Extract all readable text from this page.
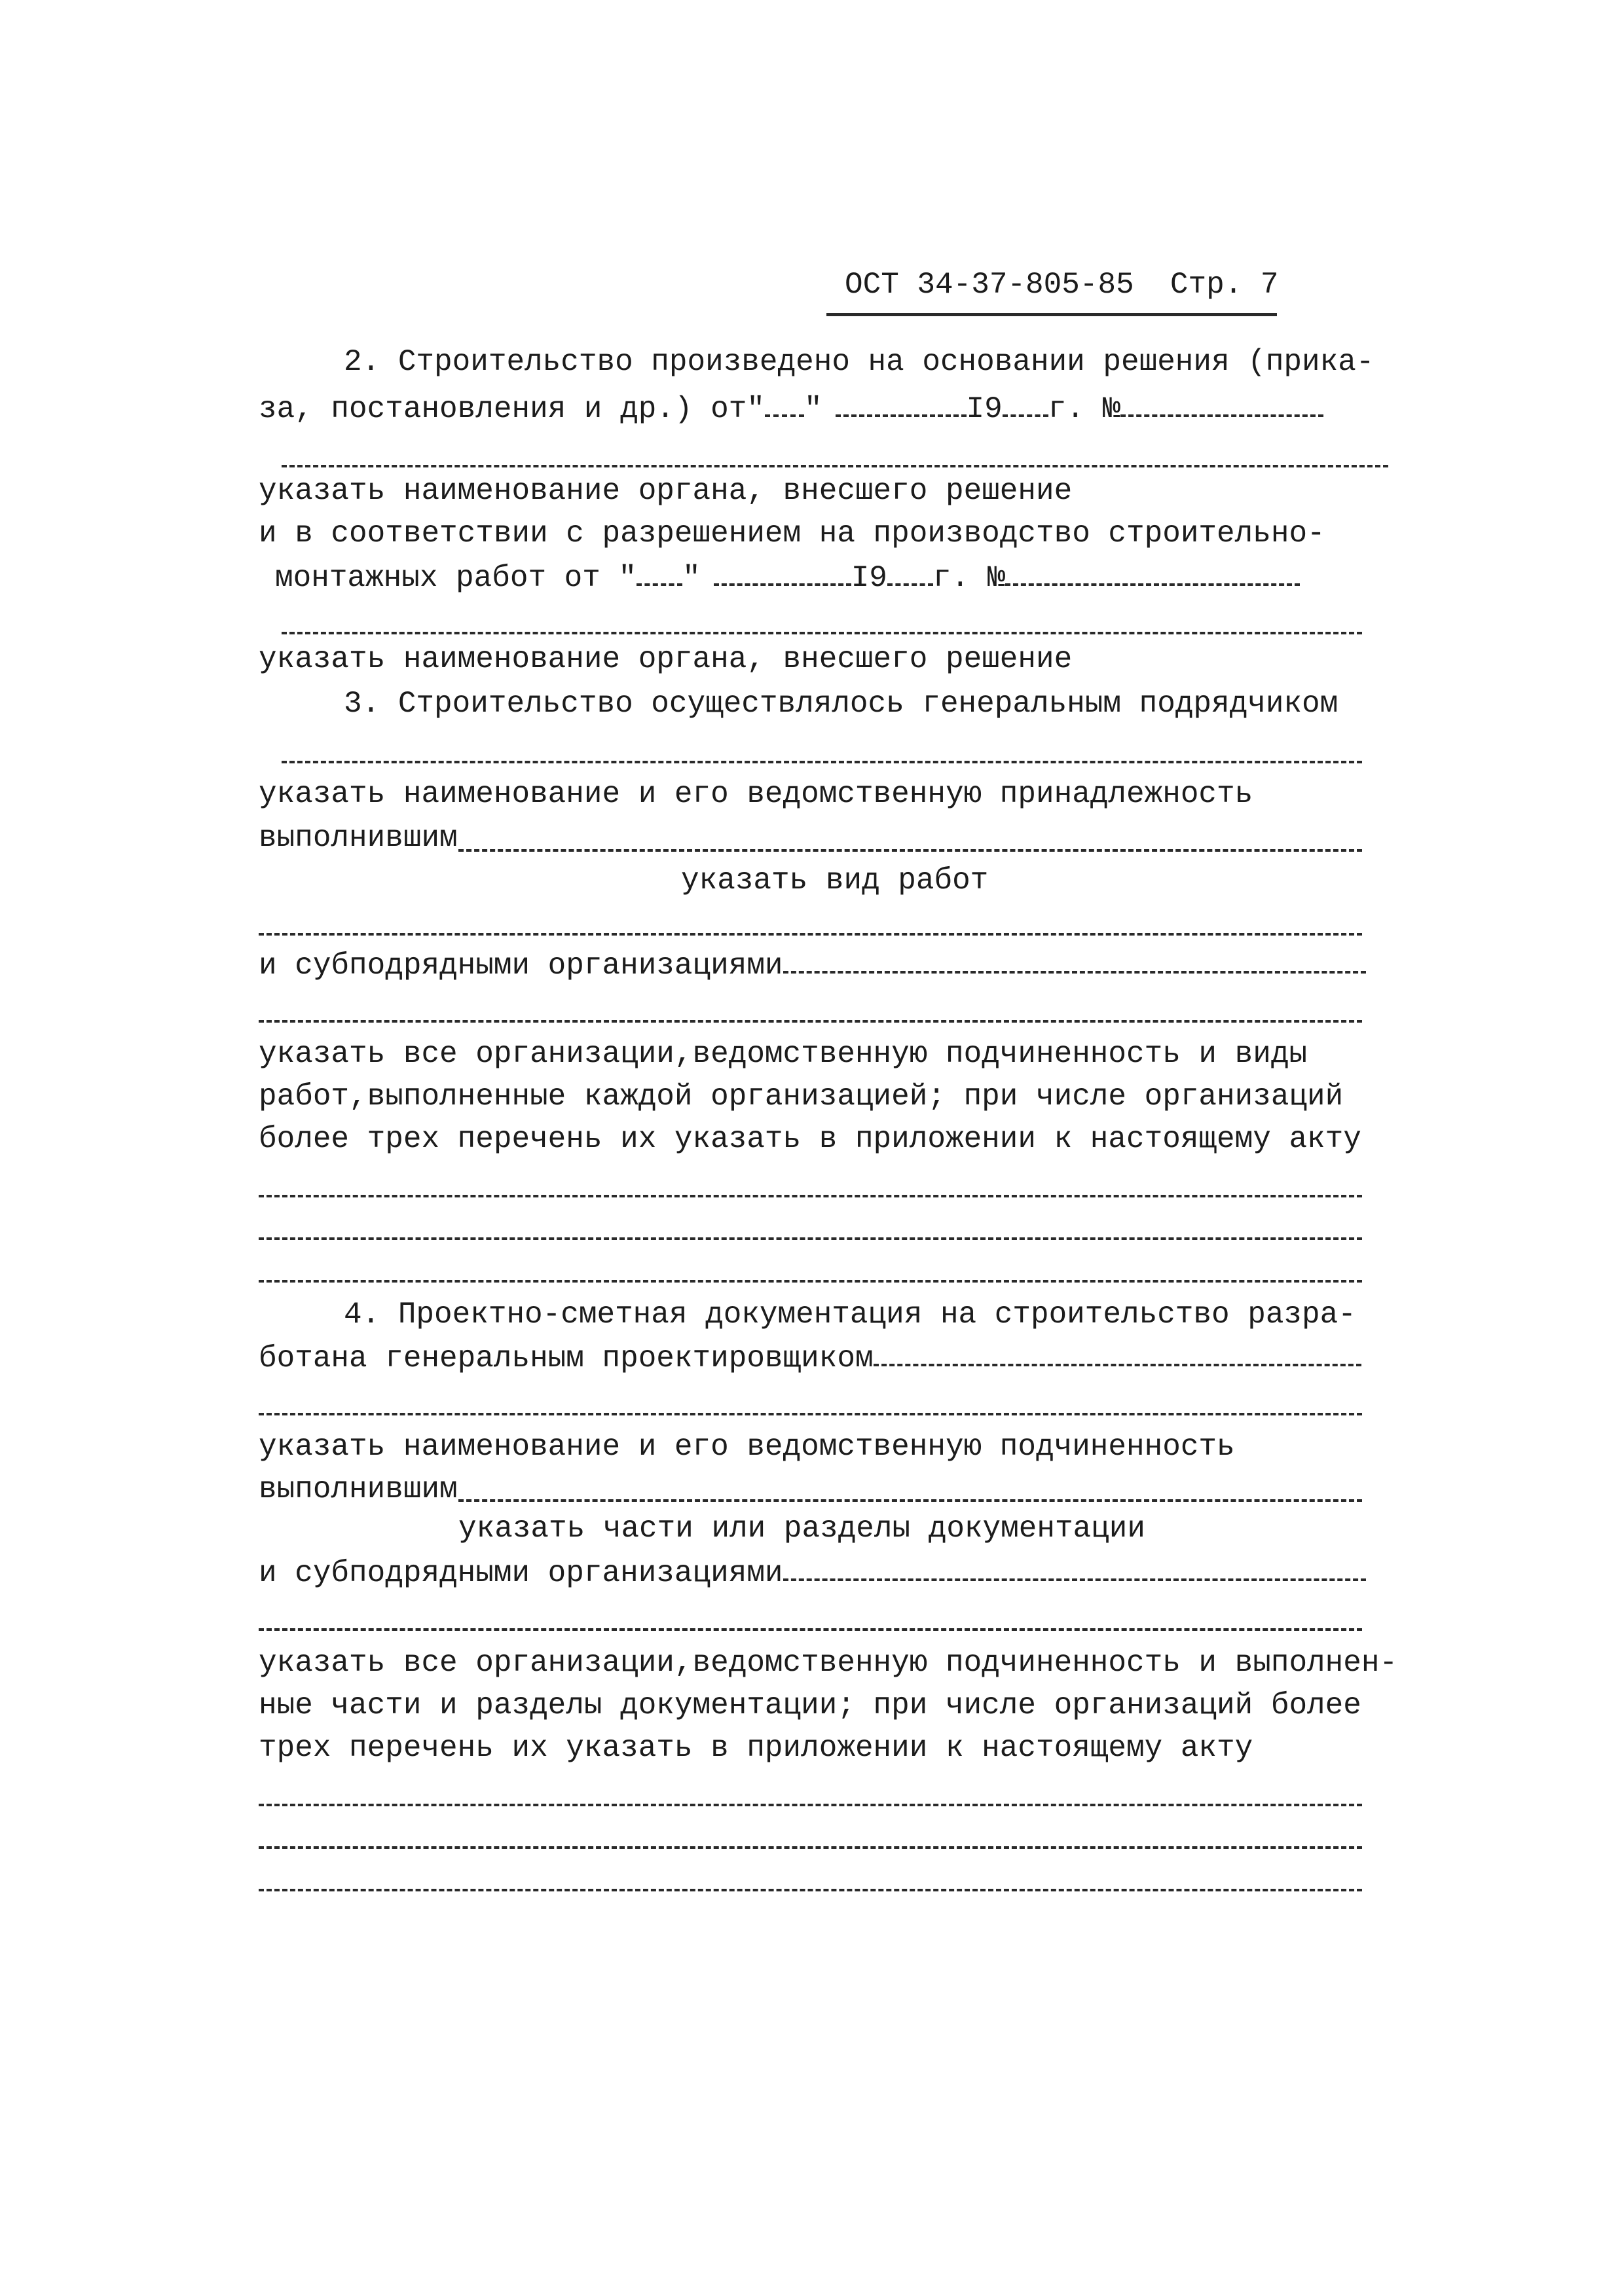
ОСТ 34-37-805-85 Стр. 7
2. Строительство произведено на основании решения (прика-
за, постановления и др.) от" "	I9 г. №
указать наименование органа, внесшего решение
и в соответствии с разрешением на производство строительно-
монтажных работ от " "	I9 г. №
указать наименование органа, внесшего решение
3. Строительство осуществлялось генеральным подрядчиком
указать наименование и его ведомственную принадлежность
выполнившим
указать вид работ
и субподрядными организациями
указать все организации,ведомственную подчиненность и виды
работ,выполненные каждой организацией; при числе организаций
более трех перечень их указать в приложении к настоящему акту
4. Проектно-сметная документация на строительство разра-
ботана генеральным проектировщиком
указать наименование и его ведомственную подчиненность
выполнившим
указать части или разделы документации
и субподрядными организациями
указать все организации,ведомственную подчиненность и выполнен-
ные части и разделы документации; при числе организаций более
трех перечень их указать в приложении к настоящему акту
